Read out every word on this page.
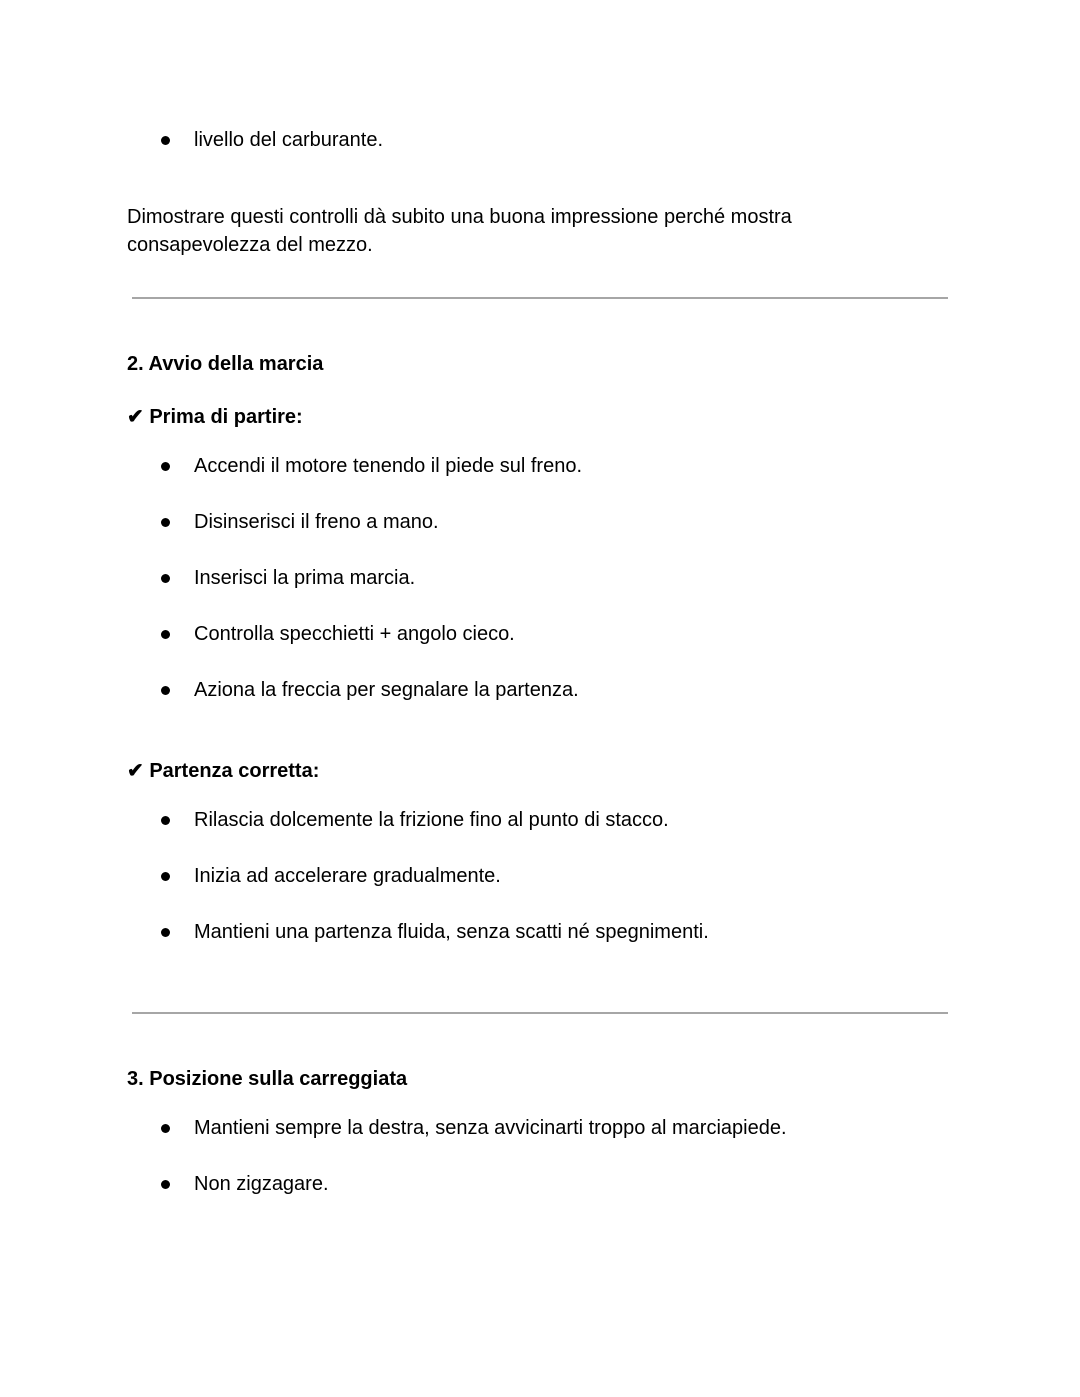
livello del carburante.
Dimostrare questi controlli dà subito una buona impressione perché mostra
consapevolezza del mezzo.
2. Avvio della marcia
✔ Prima di partire:
Accendi il motore tenendo il piede sul freno.
Disinserisci il freno a mano.
Inserisci la prima marcia.
Controlla specchietti + angolo cieco.
Aziona la freccia per segnalare la partenza.
✔ Partenza corretta:
Rilascia dolcemente la frizione fino al punto di stacco.
Inizia ad accelerare gradualmente.
Mantieni una partenza fluida, senza scatti né spegnimenti.
3. Posizione sulla carreggiata
Mantieni sempre la destra, senza avvicinarti troppo al marciapiede.
Non zigzagare.
